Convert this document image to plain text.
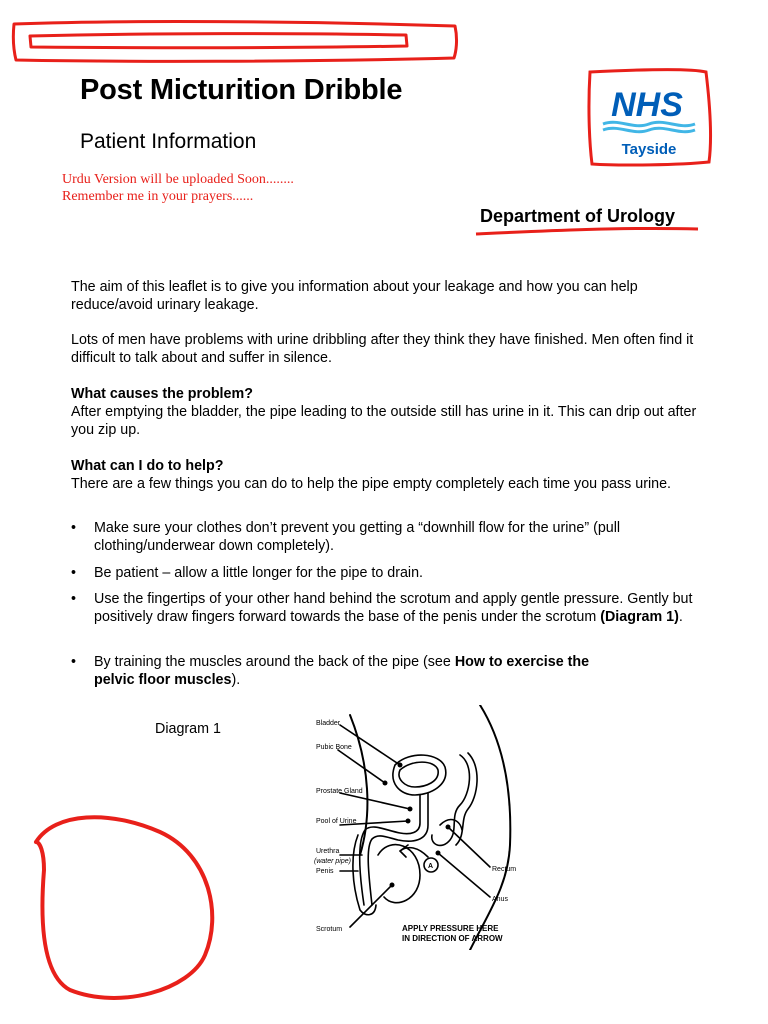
Post Micturition Dribble
Patient Information
Urdu Version will be uploaded Soon........
Remember me in your prayers......
Department of Urology
NHS
Tayside
The aim of this leaflet is to give you information about your leakage and how you can help reduce/avoid urinary leakage.
Lots of men have problems with urine dribbling after they think they have finished. Men often find it difficult to talk about and suffer in silence.
What causes the problem?
After emptying the bladder, the pipe leading to the outside still has urine in it. This can drip out after you zip up.
What can I do to help?
There are a few things you can do to help the pipe empty completely each time you pass urine.
• Make sure your clothes don’t prevent you getting a “downhill flow for the urine” (pull clothing/underwear down completely).
• Be patient – allow a little longer for the pipe to drain.
• Use the fingertips of your other hand behind the scrotum and apply gentle pressure. Gently but positively draw fingers forward towards the base of the penis under the scrotum (Diagram 1).
• By training the muscles around the back of the pipe (see How to exercise the pelvic floor muscles).
Diagram 1	Bladder
Pubic Bone
Prostate Gland
Pool of Urine
Urethra
(water pipe)
Penis
Scrotum
Rectum
Anus
A
APPLY PRESSURE HERE
IN DIRECTION OF ARROW
